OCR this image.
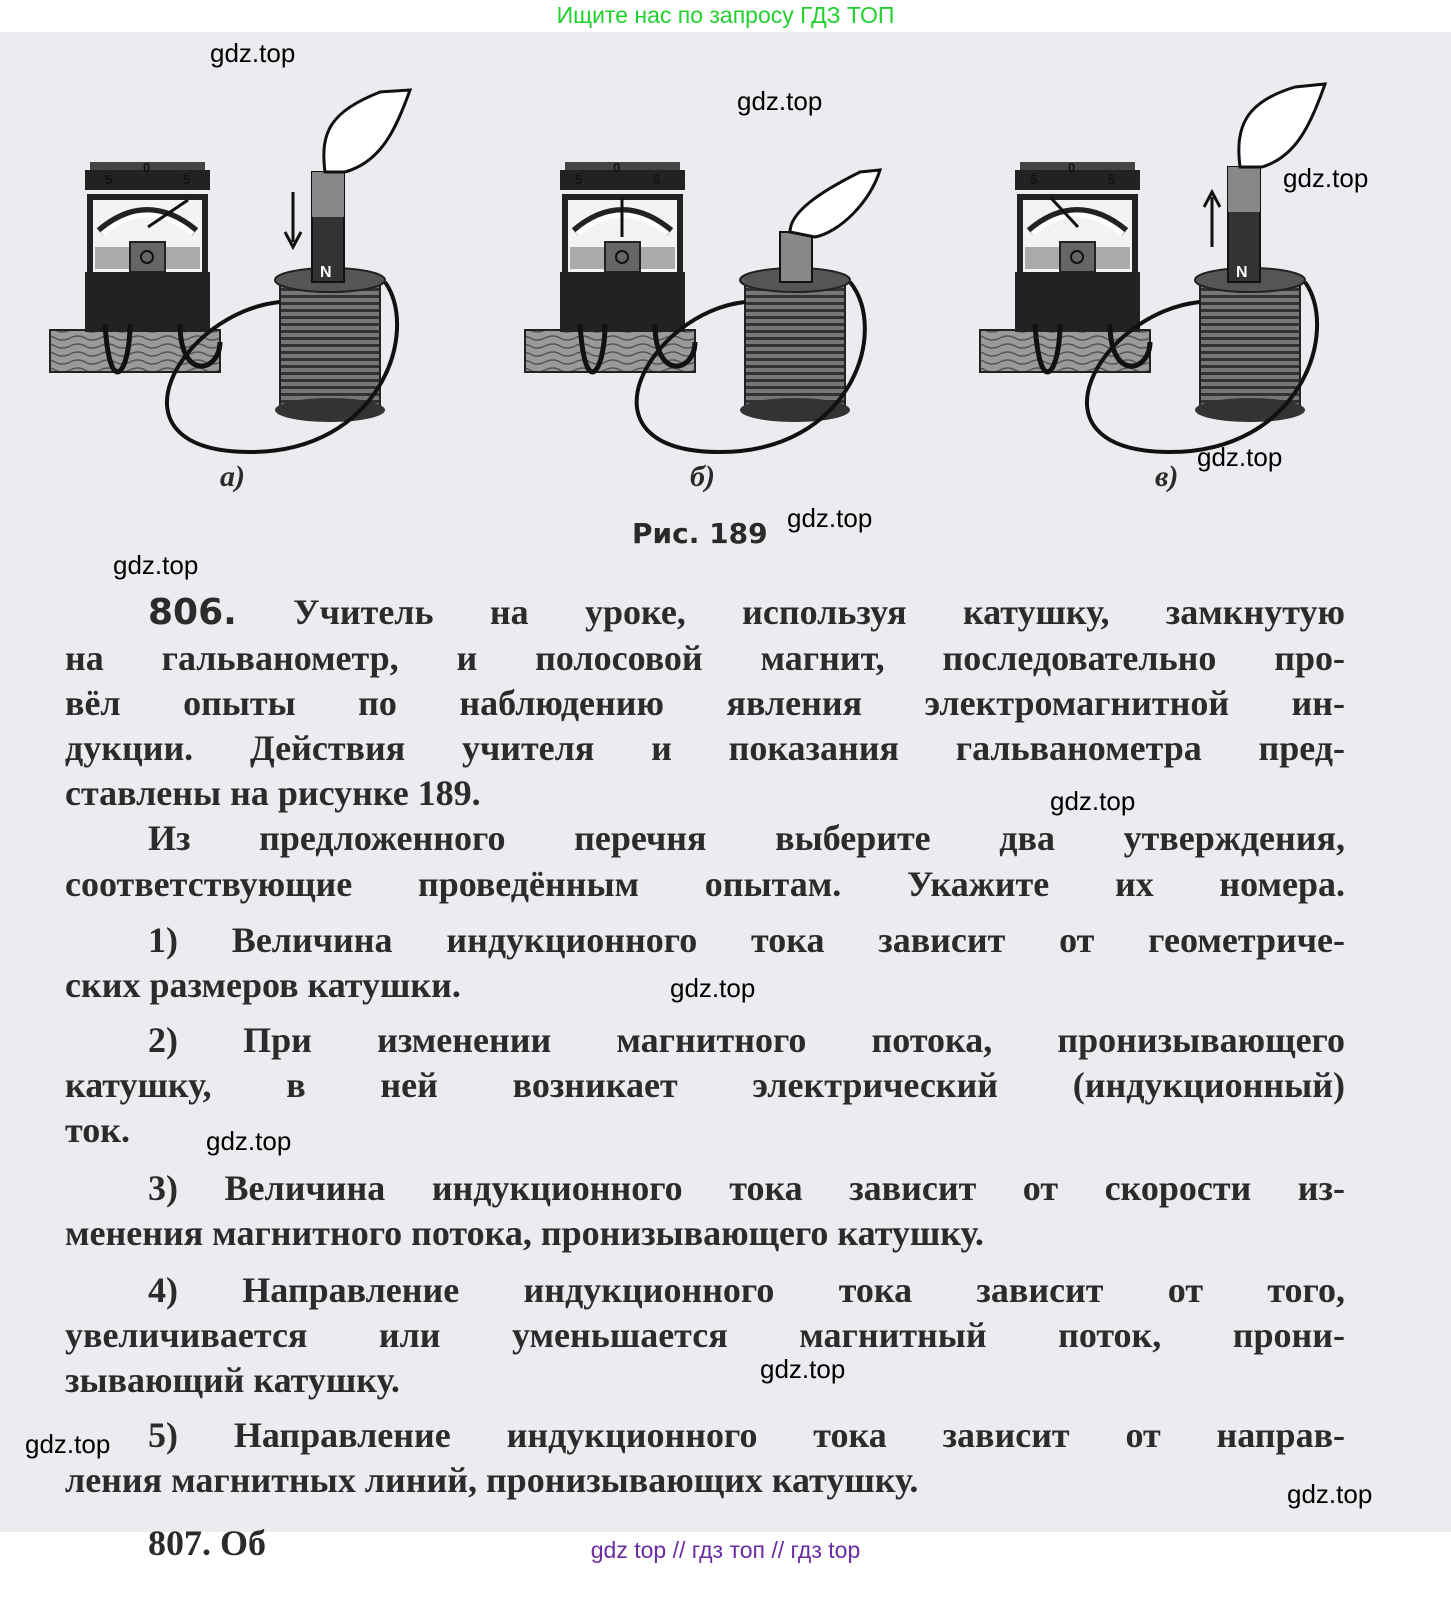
Ищите нас по запросу ГДЗ ТОП
5
0
5	5
0
5	5
0
5
N	N
а)	б)	в)
Рис. 189
806. Учитель на уроке, используя катушку, замкнутую
на гальванометр, и полосовой магнит, последовательно про-
вёл опыты по наблюдению явления электромагнитной ин-
дукции. Действия учителя и показания гальванометра пред-
ставлены на рисунке 189.
Из предложенного перечня выберите два утверждения,
соответствующие проведённым опытам. Укажите их номера.
1) Величина индукционного тока зависит от геометриче-
ских размеров катушки.
2) При изменении магнитного потока, пронизывающего
катушку, в ней возникает электрический (индукционный)
ток.
3) Величина индукционного тока зависит от скорости из-
менения магнитного потока, пронизывающего катушку.
4) Направление индукционного тока зависит от того,
увеличивается или уменьшается магнитный поток, прони-
зывающий катушку.
5) Направление индукционного тока зависит от направ-
ления магнитных линий, пронизывающих катушку.
807. Об
gdz.top
gdz.top
gdz.top
gdz.top
gdz.top
gdz.top
gdz.top
gdz.top
gdz.top
gdz.top
gdz.top
gdz.top
gdz top // гдз топ // гдз top
